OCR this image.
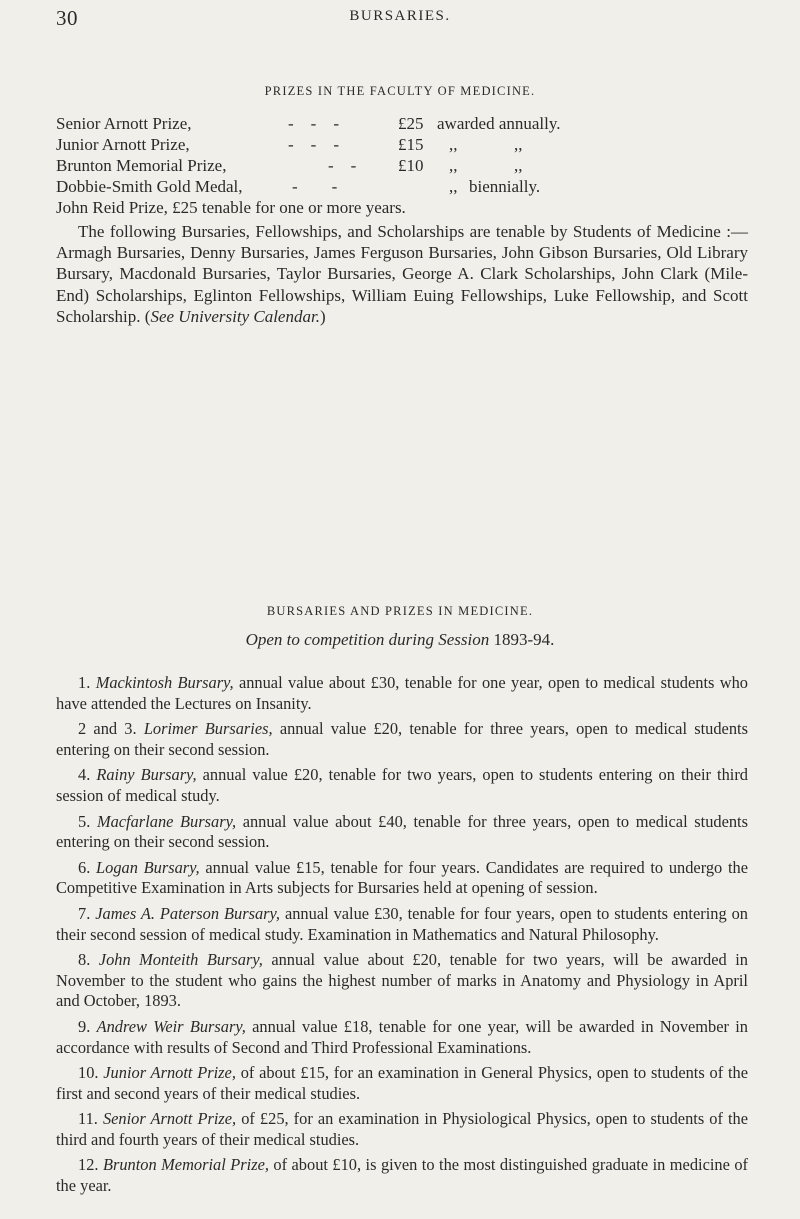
30	BURSARIES.
PRIZES IN THE FACULTY OF MEDICINE.
Senior Arnott Prize,	-    -    -	£25 awarded annually.
Junior Arnott Prize,	-    -    -	£15 ,,	,,
Brunton Memorial Prize,	-    - £10 ,,	,,
Dobbie-Smith Gold Medal,	-        -	,, biennially.
John Reid Prize, £25 tenable for one or more years.

The following Bursaries, Fellowships, and Scholarships are tenable by Students of Medicine :—Armagh Bursaries, Denny Bursaries, James Ferguson Bursaries, John Gibson Bursaries, Old Library Bursary, Macdonald Bursaries, Taylor Bursaries, George A. Clark Scholarships, John Clark (Mile-End) Scholarships, Eglinton Fellowships, William Euing Fellowships, Luke Fellowship, and Scott Scholarship. (See University Calendar.)

BURSARIES AND PRIZES IN MEDICINE.
Open to competition during Session 1893-94.

1. Mackintosh Bursary, annual value about £30, tenable for one year, open to medical students who have attended the Lectures on Insanity.

2 and 3. Lorimer Bursaries, annual value £20, tenable for three years, open to medical students entering on their second session.

4. Rainy Bursary, annual value £20, tenable for two years, open to students entering on their third session of medical study.

5. Macfarlane Bursary, annual value about £40, tenable for three years, open to medical students entering on their second session.

6. Logan Bursary, annual value £15, tenable for four years. Candidates are required to undergo the Competitive Examination in Arts subjects for Bursaries held at opening of session.

7. James A. Paterson Bursary, annual value £30, tenable for four years, open to students entering on their second session of medical study. Examination in Mathematics and Natural Philosophy.

8. John Monteith Bursary, annual value about £20, tenable for two years, will be awarded in November to the student who gains the highest number of marks in Anatomy and Physiology in April and October, 1893.

9. Andrew Weir Bursary, annual value £18, tenable for one year, will be awarded in November in accordance with results of Second and Third Professional Examinations.

10. Junior Arnott Prize, of about £15, for an examination in General Physics, open to students of the first and second years of their medical studies.

11. Senior Arnott Prize, of £25, for an examination in Physiological Physics, open to students of the third and fourth years of their medical studies.

12. Brunton Memorial Prize, of about £10, is given to the most distinguished graduate in medicine of the year.
